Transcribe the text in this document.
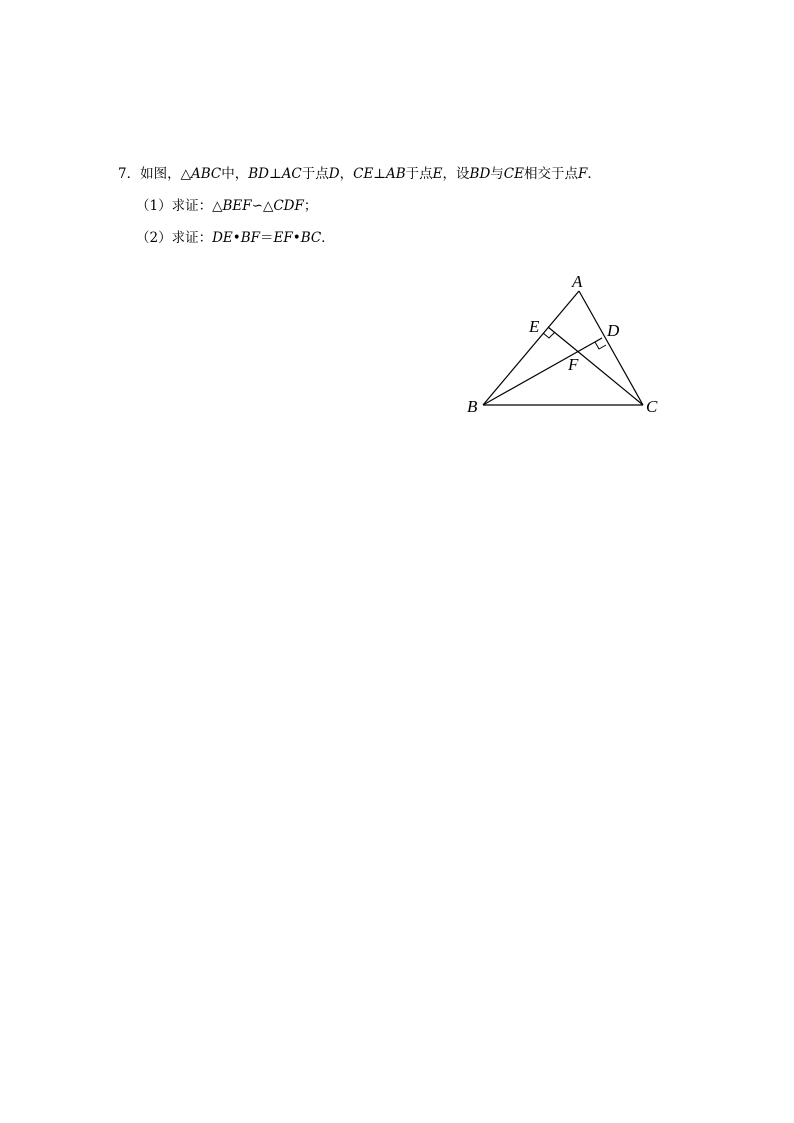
7．如图，△ABC中，BD⊥AC于点D，CE⊥AB于点E，设BD与CE相交于点F．
（1）求证：△BEF∽△CDF；
（2）求证：DE•BF＝EF•BC．
A
B	C
D
E
F
